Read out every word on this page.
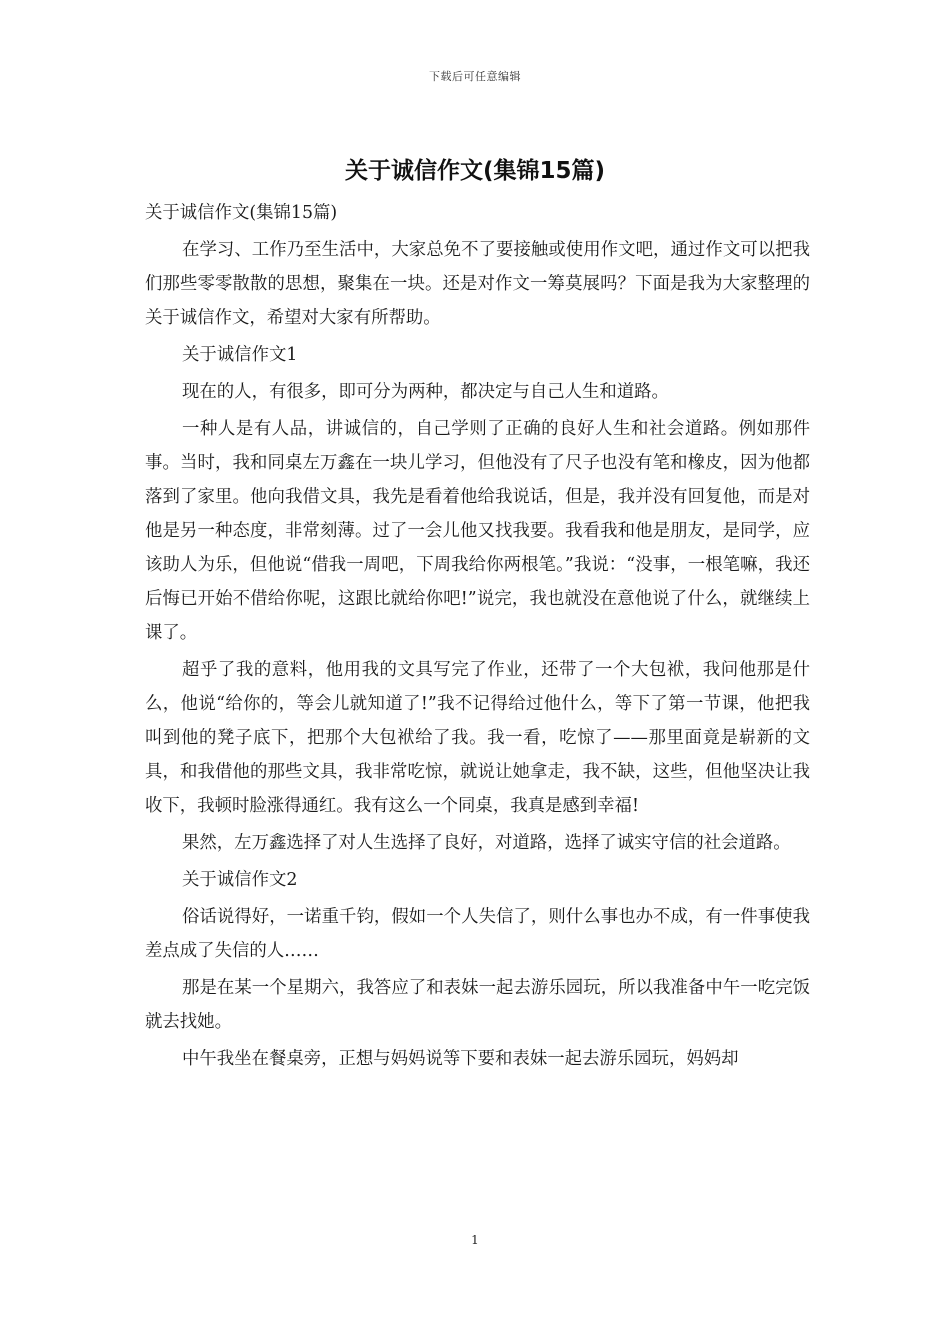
下载后可任意编辑
关于诚信作文(集锦15篇)

关于诚信作文(集锦15篇)

在学习、工作乃至生活中，大家总免不了要接触或使用作文吧，通过作文可以把我们那些零零散散的思想，聚集在一块。还是对作文一筹莫展吗？下面是我为大家整理的关于诚信作文，希望对大家有所帮助。

关于诚信作文1

现在的人，有很多，即可分为两种，都决定与自己人生和道路。

一种人是有人品，讲诚信的，自己学则了正确的良好人生和社会道路。例如那件事。当时，我和同桌左万鑫在一块儿学习，但他没有了尺子也没有笔和橡皮，因为他都落到了家里。他向我借文具，我先是看着他给我说话，但是，我并没有回复他，而是对他是另一种态度，非常刻薄。过了一会儿他又找我要。我看我和他是朋友，是同学，应该助人为乐，但他说“借我一周吧，下周我给你两根笔。”我说：“没事，一根笔嘛，我还后悔已开始不借给你呢，这跟比就给你吧!”说完，我也就没在意他说了什么，就继续上课了。

超乎了我的意料，他用我的文具写完了作业，还带了一个大包袱，我问他那是什么，他说“给你的，等会儿就知道了!”我不记得给过他什么，等下了第一节课，他把我叫到他的凳子底下，把那个大包袱给了我。我一看，吃惊了——那里面竟是崭新的文具，和我借他的那些文具，我非常吃惊，就说让她拿走，我不缺，这些，但他坚决让我收下，我顿时脸涨得通红。我有这么一个同桌，我真是感到幸福!

果然，左万鑫选择了对人生选择了良好，对道路，选择了诚实守信的社会道路。

关于诚信作文2

俗话说得好，一诺重千钧，假如一个人失信了，则什么事也办不成，有一件事使我差点成了失信的人……

那是在某一个星期六，我答应了和表妹一起去游乐园玩，所以我准备中午一吃完饭就去找她。

中午我坐在餐桌旁，正想与妈妈说等下要和表妹一起去游乐园玩，妈妈却

1
